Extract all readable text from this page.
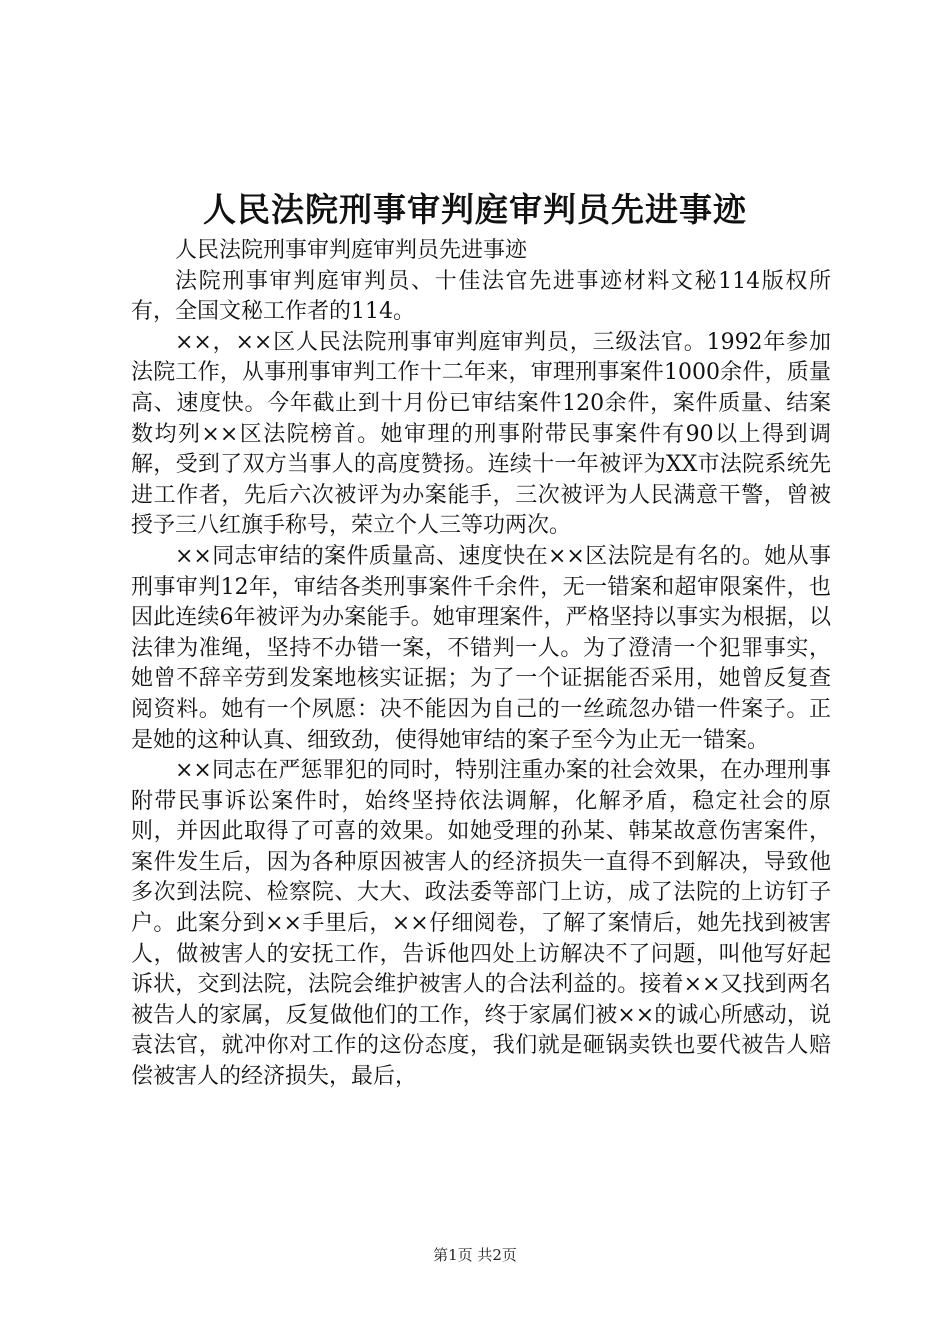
人民法院刑事审判庭审判员先进事迹

人民法院刑事审判庭审判员先进事迹

法院刑事审判庭审判员、十佳法官先进事迹材料文秘114版权所有，全国文秘工作者的114。

××，××区人民法院刑事审判庭审判员，三级法官。1992年参加法院工作，从事刑事审判工作十二年来，审理刑事案件1000余件，质量高、速度快。今年截止到十月份已审结案件120余件，案件质量、结案数均列××区法院榜首。她审理的刑事附带民事案件有90以上得到调解，受到了双方当事人的高度赞扬。连续十一年被评为XX市法院系统先进工作者，先后六次被评为办案能手，三次被评为人民满意干警，曾被授予三八红旗手称号，荣立个人三等功两次。

××同志审结的案件质量高、速度快在××区法院是有名的。她从事刑事审判12年，审结各类刑事案件千余件，无一错案和超审限案件，也因此连续6年被评为办案能手。她审理案件，严格坚持以事实为根据，以法律为准绳，坚持不办错一案，不错判一人。为了澄清一个犯罪事实，她曾不辞辛劳到发案地核实证据；为了一个证据能否采用，她曾反复查阅资料。她有一个夙愿：决不能因为自己的一丝疏忽办错一件案子。正是她的这种认真、细致劲，使得她审结的案子至今为止无一错案。

××同志在严惩罪犯的同时，特别注重办案的社会效果，在办理刑事附带民事诉讼案件时，始终坚持依法调解，化解矛盾，稳定社会的原则，并因此取得了可喜的效果。如她受理的孙某、韩某故意伤害案件，案件发生后，因为各种原因被害人的经济损失一直得不到解决，导致他多次到法院、检察院、大大、政法委等部门上访，成了法院的上访钉子户。此案分到××手里后，××仔细阅卷，了解了案情后，她先找到被害人，做被害人的安抚工作，告诉他四处上访解决不了问题，叫他写好起诉状，交到法院，法院会维护被害人的合法利益的。接着××又找到两名被告人的家属，反复做他们的工作，终于家属们被××的诚心所感动，说袁法官，就冲你对工作的这份态度，我们就是砸锅卖铁也要代被告人赔偿被害人的经济损失，最后，

第1页 共2页
